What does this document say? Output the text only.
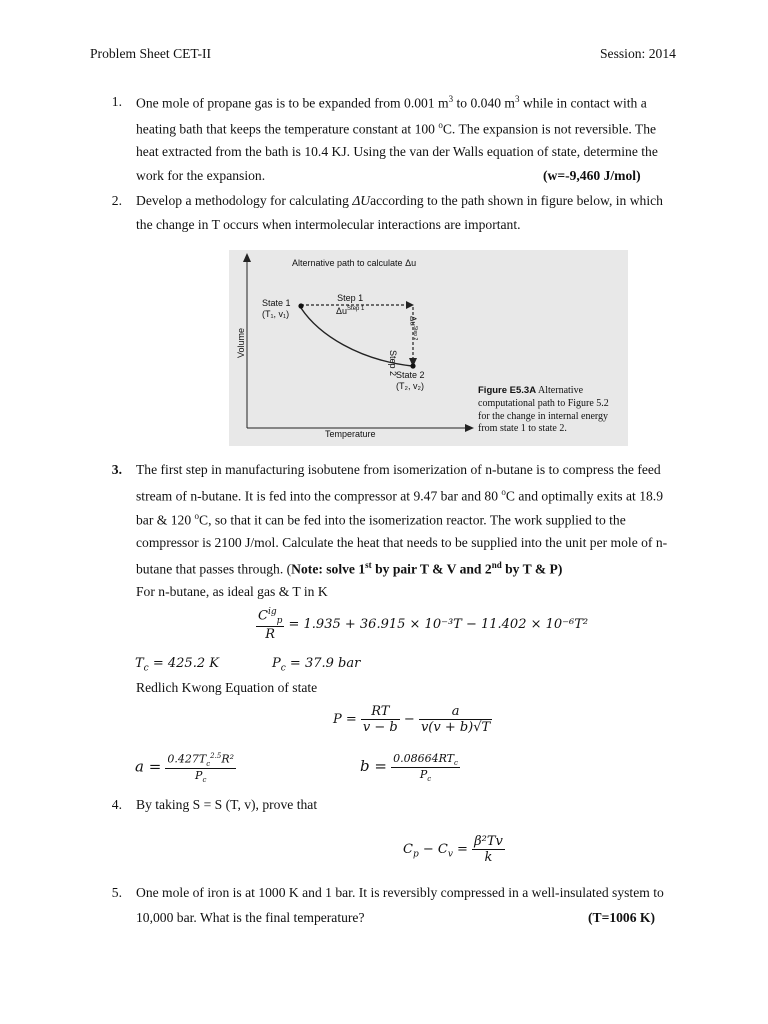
Problem Sheet CET-II	Session: 2014
1. One mole of propane gas is to be expanded from 0.001 $m^3$ to 0.040 $m^3$ while in contact with a
heating bath that keeps the temperature constant at 100 $^o$C. The expansion is not reversible. The
heat extracted from the bath is 10.4 KJ. Using the van der Walls equation of state, determine the
work for the expansion.	(w=-9,460 J/mol)
2. Develop a methodology for calculating ΔUaccording to the path shown in figure below, in which
the change in T occurs when intermolecular interactions are important.
Alternative path to calculate Δu
State 1
(T₁, v₁)
Step 1
$\Delta u^{Step 1}$
Step 2
$\Delta u^{Step 2}$
State 2
(T₂, v₂)
Temperature
Volume
Figure E5.3A Alternative
computational path to Figure 5.2
for the change in internal energy
from state 1 to state 2.
3. The first step in manufacturing isobutene from isomerization of n-butane is to compress the feed
stream of n-butane. It is fed into the compressor at 9.47 bar and 80 $^o$C and optimally exits at 18.9
bar & 120 $^o$C, so that it can be fed into the isomerization reactor. The work supplied to the
compressor is 2100 J/mol. Calculate the heat that needs to be supplied into the unit per mole of n-
butane that passes through. (Note: solve 1st by pair T & V and 2nd by T & P)
For n-butane, as ideal gas & T in K
$\frac{C^{ig}_p}{R} = 1.935 + 36.915 \times 10^{-3}T - 11.402 \times 10^{-6}T^2$
$T_c = 425.2$ K	$P_c = 37.9$ bar
Redlich Kwong Equation of state
$P = \frac{RT}{v - b} - \frac{a}{v(v + b)√T}$
$a = \frac{0.427T_c^{2.5}R^2}{P_c}$	$b = \frac{0.08664RT_c}{P_c}$
4. By taking S = S (T, v), prove that
$C_p - C_v = \frac{\text{β²Tv}}{k}$
5. One mole of iron is at 1000 K and 1 bar. It is reversibly compressed in a well-insulated system to
10,000 bar. What is the final temperature?	(T=1006 K)
